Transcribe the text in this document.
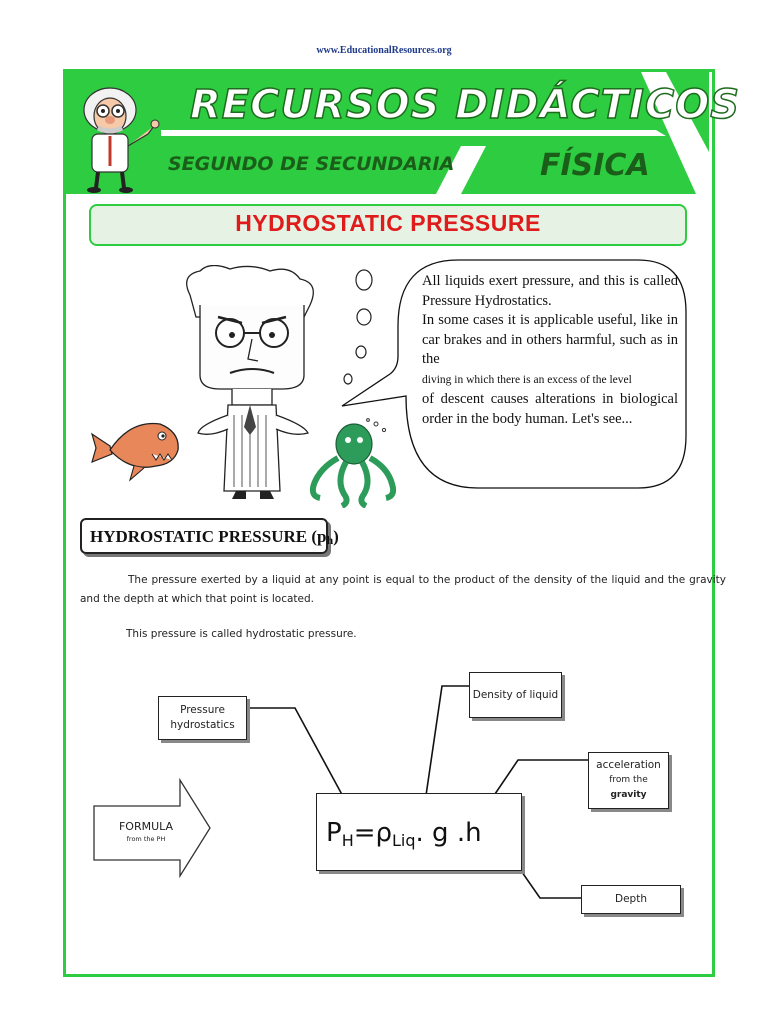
www.EducationalResources.org
RECURSOS DIDÁCTICOS
SEGUNDO DE SECUNDARIA	FÍSICA
HYDROSTATIC PRESSURE
All liquids exert pressure, and this is called Pressure Hydrostatics.
In some cases it is applicable useful, like in car brakes and in others harmful, such as in the
diving in which there is an excess of the level
of descent causes alterations in biological order in the body human. Let's see...
HYDROSTATIC PRESSURE (ph)
The pressure exerted by a liquid at any point is equal to the product of the density of the liquid and the gravity and the depth at which that point is located.
This pressure is called hydrostatic pressure.
FORMULA
from the PH
Pressure hydrostatics
Density of liquid
acceleration
from the
gravity
Depth
$P_H=\rho_{Liq}$. g .h
